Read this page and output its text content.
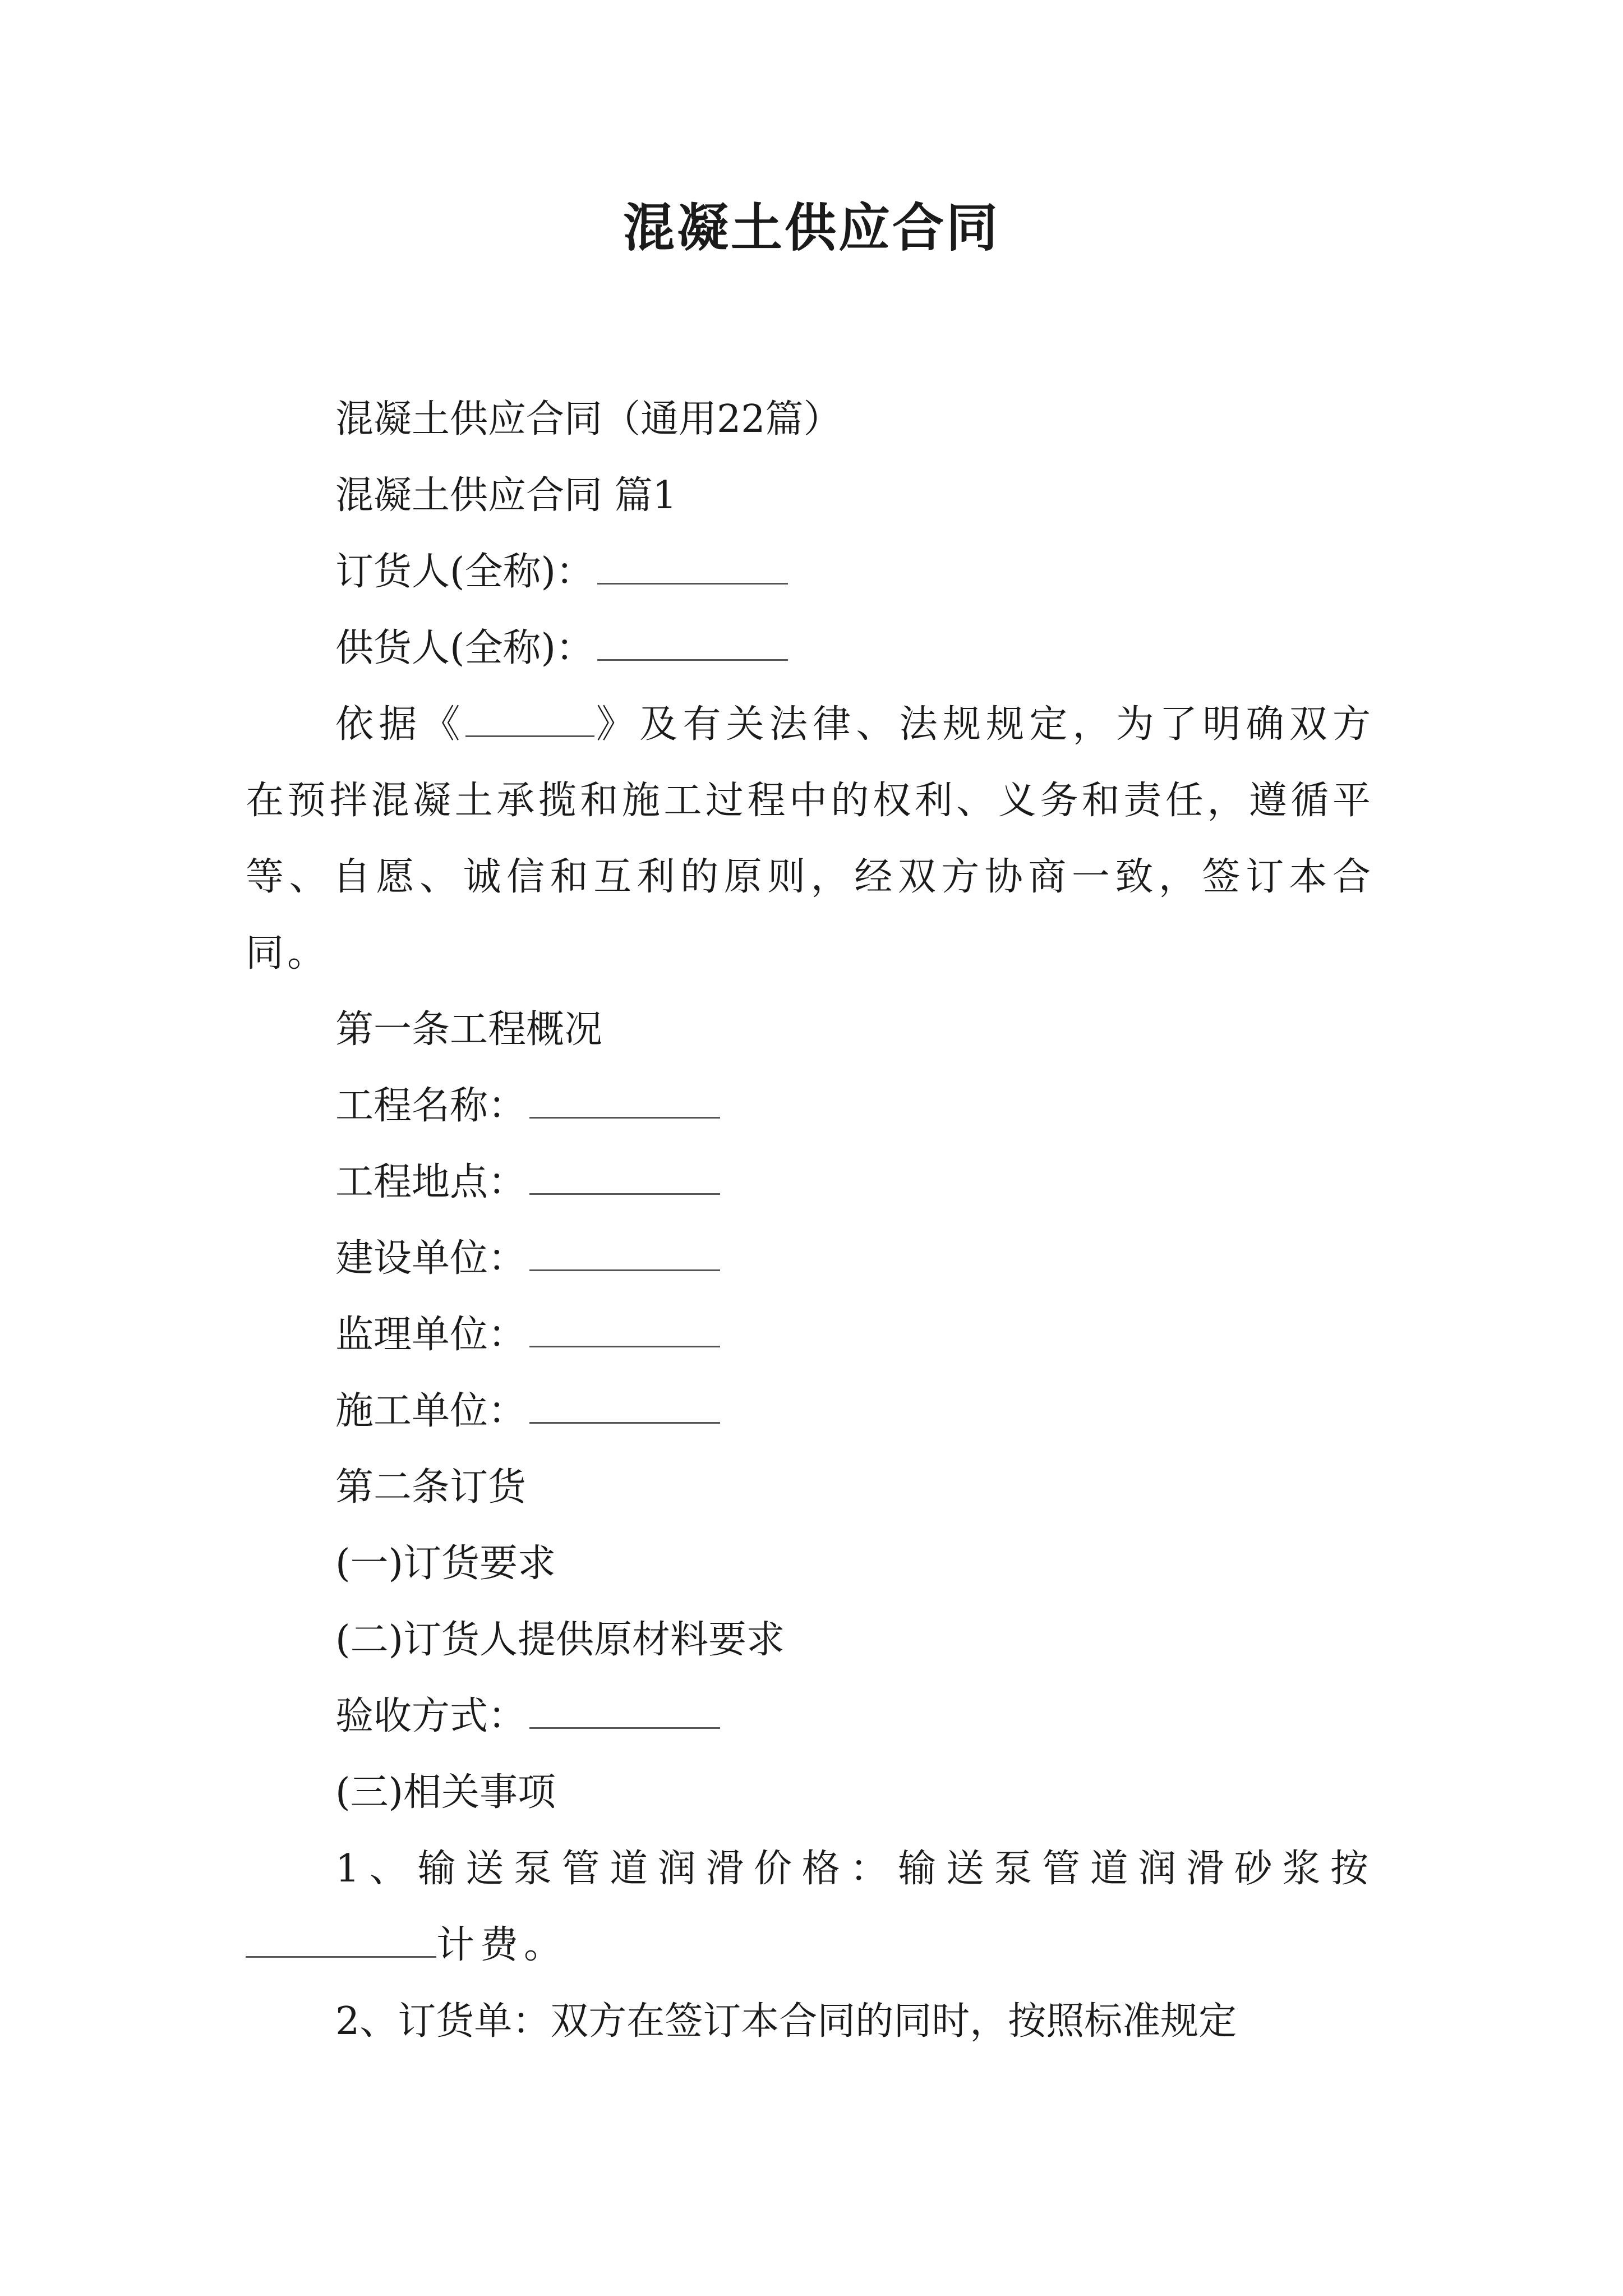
混凝土供应合同

混凝土供应合同（通用22篇）

混凝土供应合同 篇1

订货人(全称)：

供货人(全称)：

依据《	》及有关法律、法规规定，为了明确双方在预拌混凝土承揽和施工过程中的权利、义务和责任，遵循平等、自愿、诚信和互利的原则，经双方协商一致，签订本合同。

第一条工程概况

工程名称：

工程地点：

建设单位：

监理单位：

施工单位：

第二条订货

(一)订货要求

(二)订货人提供原材料要求

验收方式：

(三)相关事项

1、输送泵管道润滑价格：输送泵管道润滑砂浆按计费。

2、订货单：双方在签订本合同的同时，按照标准规定
